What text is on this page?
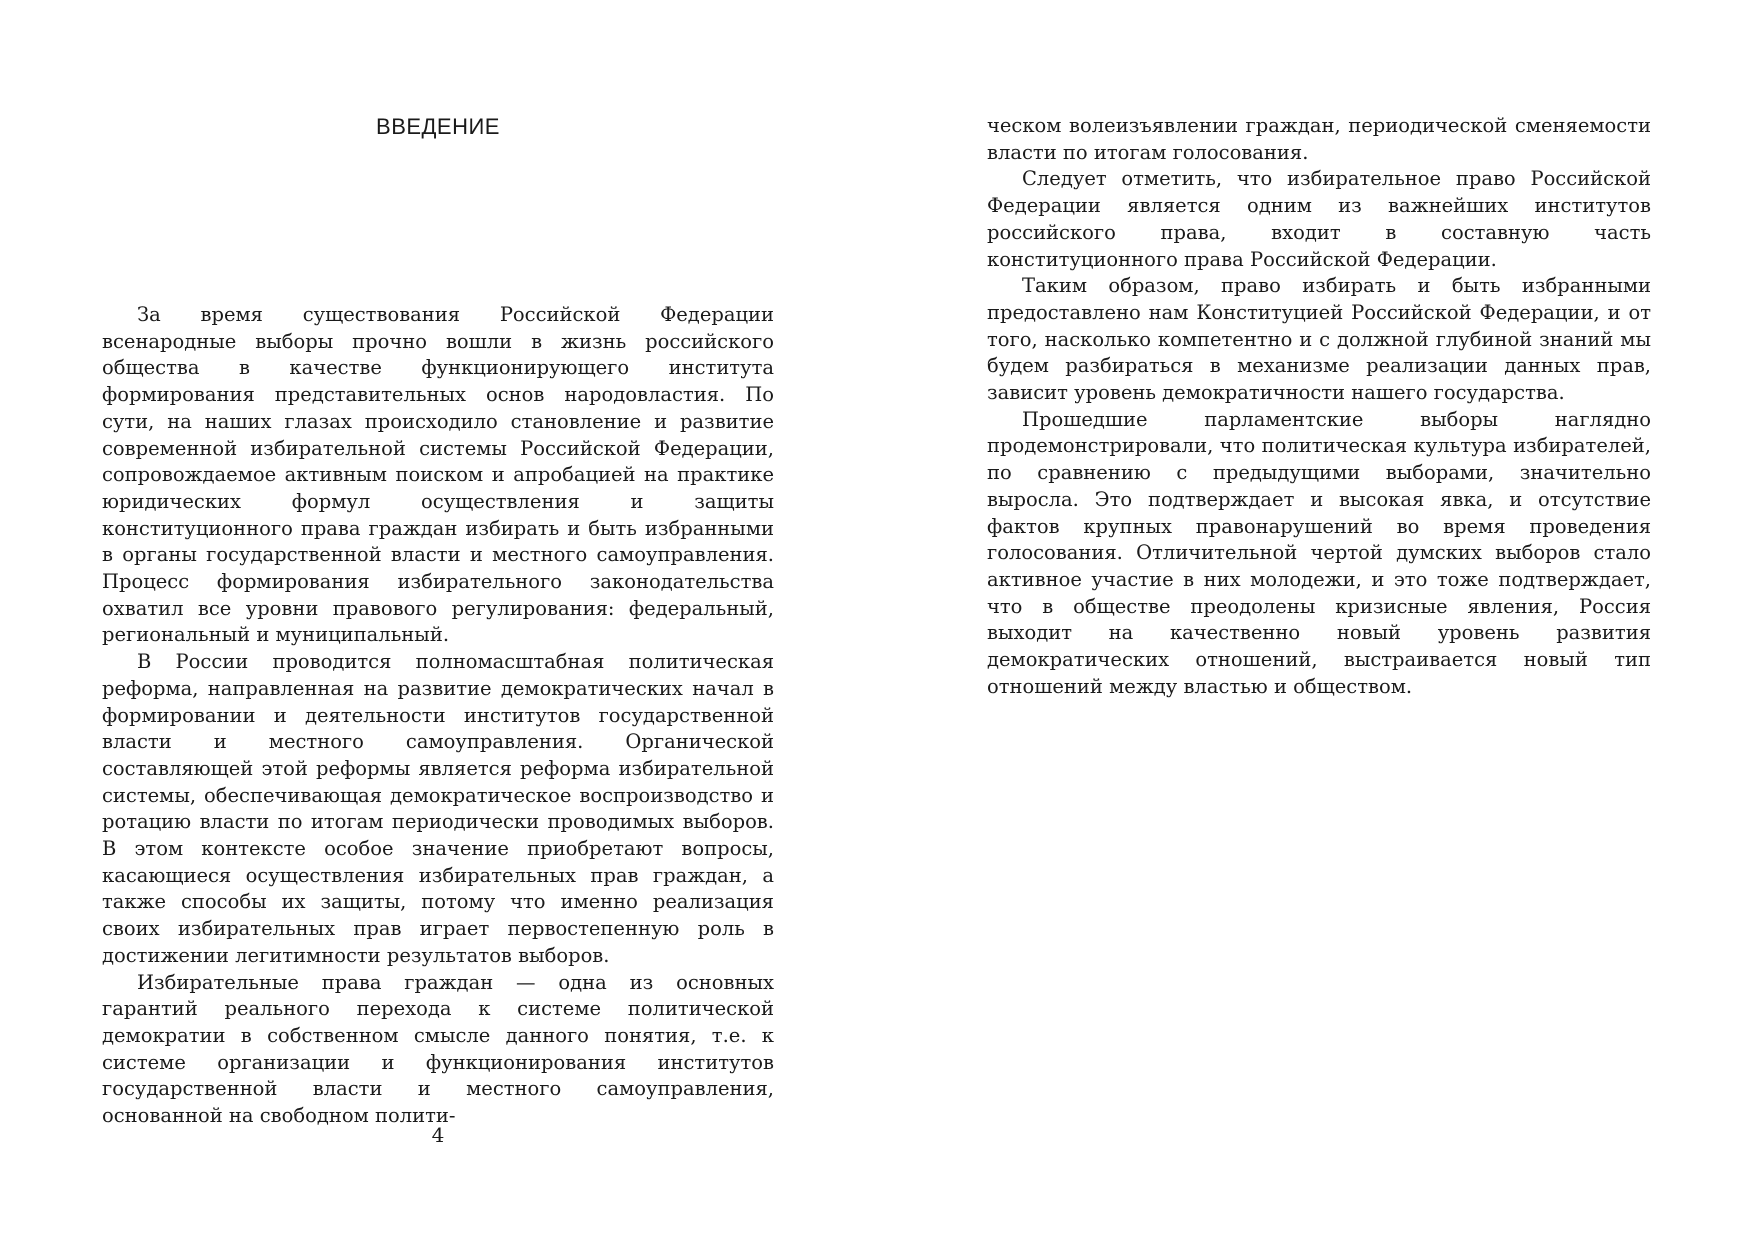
ВВЕДЕНИЕ

За время существования Российской Федерации всенародные выборы прочно вошли в жизнь российского общества в качестве функционирующего института формирования представительных основ народовластия. По сути, на наших глазах происходило становление и развитие современной избирательной системы Российской Федерации, сопровождаемое активным поиском и апробацией на практике юридических формул осуществления и защиты конституционного права граждан избирать и быть избранными в органы государственной власти и местного самоуправления. Процесс формирования избирательного законодательства охватил все уровни правового регулирования: федеральный, региональный и муниципальный.

В России проводится полномасштабная политическая реформа, направленная на развитие демократических начал в формировании и деятельности институтов государственной власти и местного самоуправления. Органической составляющей этой реформы является реформа избирательной системы, обеспечивающая демократическое воспроизводство и ротацию власти по итогам периодически проводимых выборов. В этом контексте особое значение приобретают вопросы, касающиеся осуществления избирательных прав граждан, а также способы их защиты, потому что именно реализация своих избирательных прав играет первостепенную роль в достижении легитимности результатов выборов.

Избирательные права граждан — одна из основных гарантий реального перехода к системе политической демократии в собственном смысле данного понятия, т.е. к системе организации и функционирования институтов государственной власти и местного самоуправления, основанной на свободном полити-

4

ческом волеизъявлении граждан, периодической сменяемости власти по итогам голосования.

Следует отметить, что избирательное право Российской Федерации является одним из важнейших институтов российского права, входит в составную часть конституционного права Российской Федерации.

Таким образом, право избирать и быть избранными предоставлено нам Конституцией Российской Федерации, и от того, насколько компетентно и с должной глубиной знаний мы будем разбираться в механизме реализации данных прав, зависит уровень демократичности нашего государства.

Прошедшие парламентские выборы наглядно продемонстрировали, что политическая культура избирателей, по сравнению с предыдущими выборами, значительно выросла. Это подтверждает и высокая явка, и отсутствие фактов крупных правонарушений во время проведения голосования. Отличительной чертой думских выборов стало активное участие в них молодежи, и это тоже подтверждает, что в обществе преодолены кризисные явления, Россия выходит на качественно новый уровень развития демократических отношений, выстраивается новый тип отношений между властью и обществом.
